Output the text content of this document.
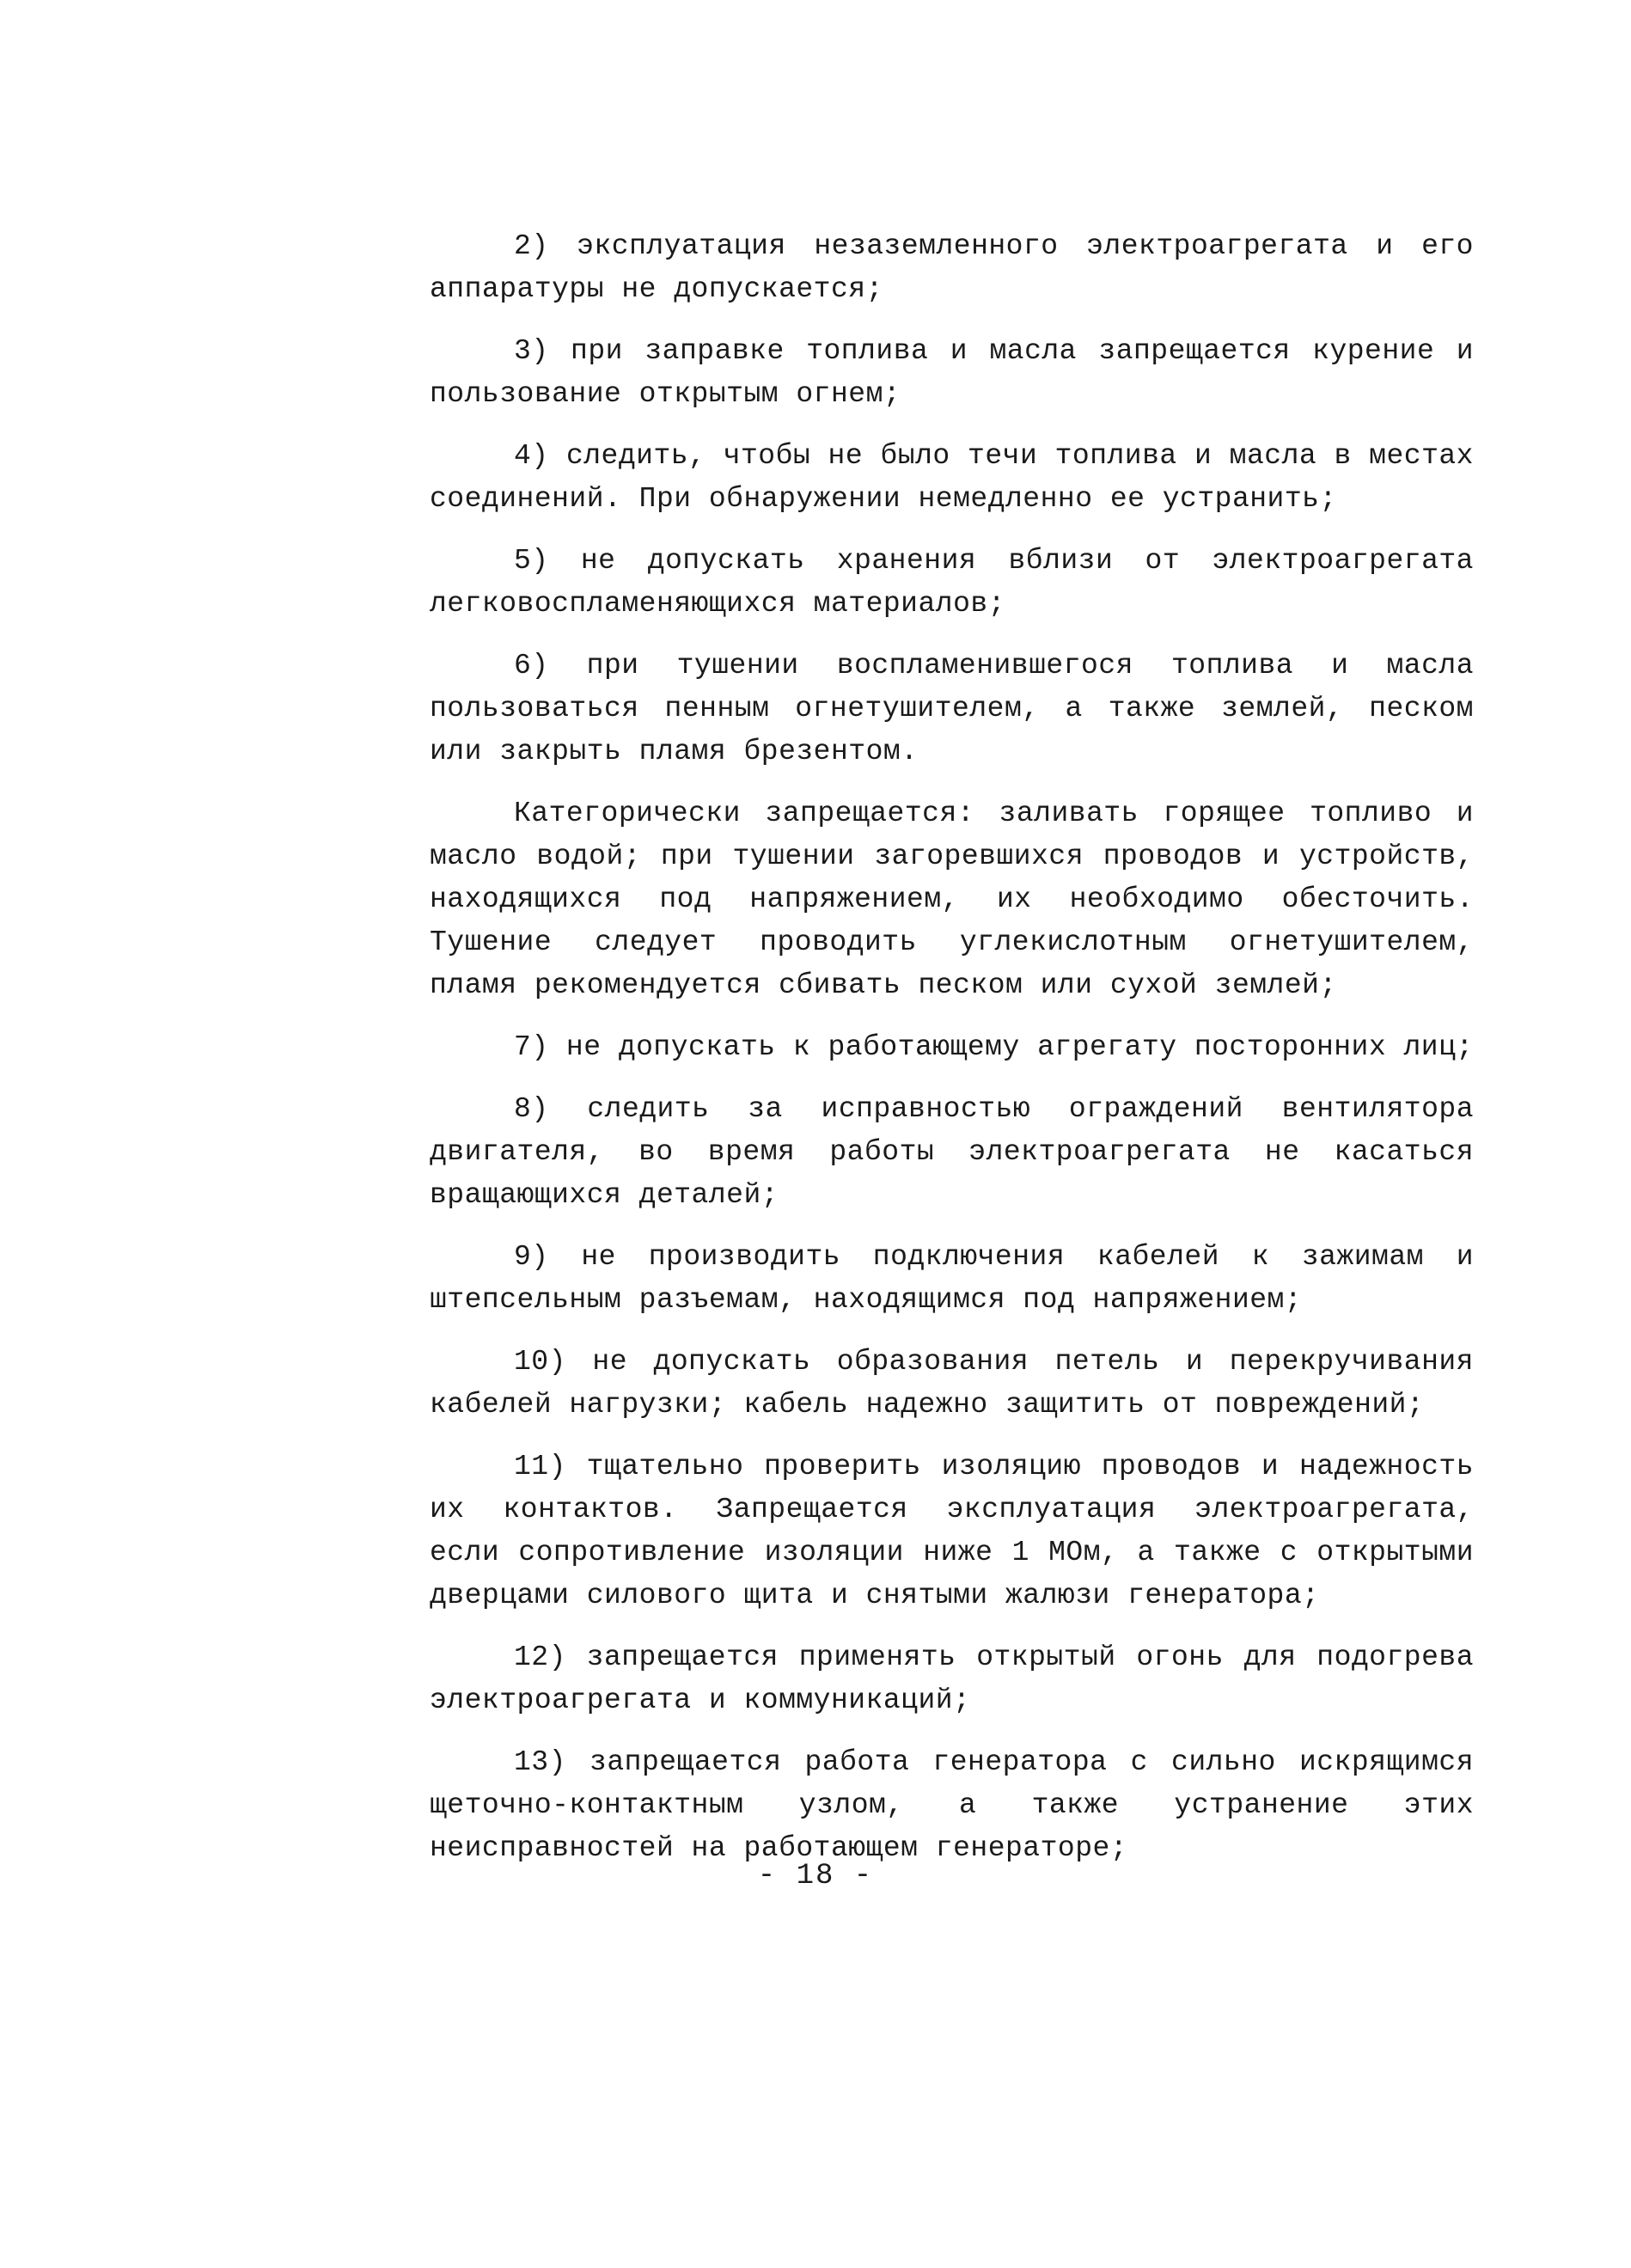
2) эксплуатация незаземленного электроагрегата и его аппаратуры не допускается;

3) при заправке топлива и масла запрещается курение и пользование открытым огнем;

4) следить, чтобы не было течи топлива и масла в местах соединений. При обнаружении немедленно ее устранить;

5) не допускать хранения вблизи от электроагрегата легковоспламеняющихся материалов;

6) при тушении воспламенившегося топлива и масла пользоваться пенным огнетушителем, а также землей, песком или закрыть пламя брезентом.

Категорически запрещается: заливать горящее топливо и масло водой; при тушении загоревшихся проводов и устройств, находящихся под напряжением, их необходимо обесточить. Тушение следует проводить углекислотным огнетушителем, пламя рекомендуется сбивать песком или сухой землей;

7) не допускать к работающему агрегату посторонних лиц;

8) следить за исправностью ограждений вентилятора двигателя, во время работы электроагрегата не касаться вращающихся деталей;

9) не производить подключения кабелей к зажимам и штепсельным разъемам, находящимся под напряжением;

10) не допускать образования петель и перекручивания кабелей нагрузки; кабель надежно защитить от повреждений;

11) тщательно проверить изоляцию проводов и надежность их контактов. Запрещается эксплуатация электроагрегата, если сопротивление изоляции ниже 1 МОм, а также с открытыми дверцами силового щита и снятыми жалюзи генератора;

12) запрещается применять открытый огонь для подогрева электроагрегата и коммуникаций;

13) запрещается работа генератора с сильно искрящимся щеточно-контактным узлом, а также устранение этих неисправностей на работающем генераторе;

- 18 -
